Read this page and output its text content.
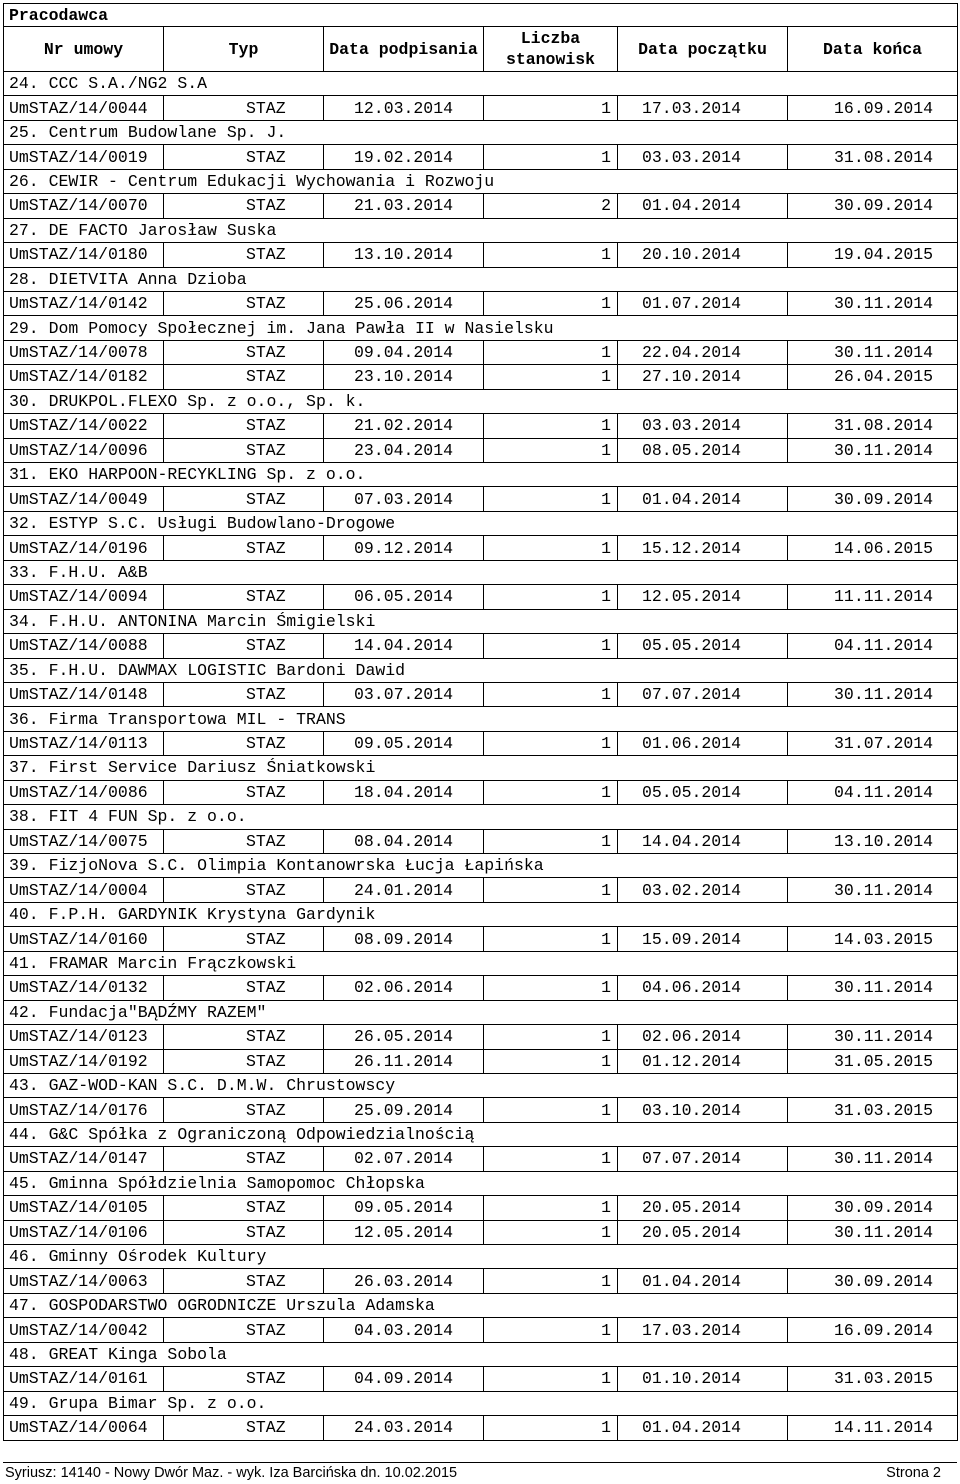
Pracodawca					
Nr umowy	Typ	Data podpisania	Liczba stanowisk	Data początku	Data końca
24. CCC S.A./NG2 S.A					
UmSTAZ/14/0044	STAZ	12.03.2014	1	17.03.2014	16.09.2014
25. Centrum Budowlane Sp. J.					
UmSTAZ/14/0019	STAZ	19.02.2014	1	03.03.2014	31.08.2014
26. CEWIR - Centrum Edukacji Wychowania i Rozwoju					
UmSTAZ/14/0070	STAZ	21.03.2014	2	01.04.2014	30.09.2014
27. DE FACTO Jarosław Suska					
UmSTAZ/14/0180	STAZ	13.10.2014	1	20.10.2014	19.04.2015
28. DIETVITA Anna Dzioba					
UmSTAZ/14/0142	STAZ	25.06.2014	1	01.07.2014	30.11.2014
29. Dom Pomocy Społecznej im. Jana Pawła II w Nasielsku					
UmSTAZ/14/0078	STAZ	09.04.2014	1	22.04.2014	30.11.2014
UmSTAZ/14/0182	STAZ	23.10.2014	1	27.10.2014	26.04.2015
30. DRUKPOL.FLEXO Sp. z o.o., Sp. k.					
UmSTAZ/14/0022	STAZ	21.02.2014	1	03.03.2014	31.08.2014
UmSTAZ/14/0096	STAZ	23.04.2014	1	08.05.2014	30.11.2014
31. EKO HARPOON-RECYKLING Sp. z o.o.					
UmSTAZ/14/0049	STAZ	07.03.2014	1	01.04.2014	30.09.2014
32. ESTYP S.C. Usługi Budowlano-Drogowe					
UmSTAZ/14/0196	STAZ	09.12.2014	1	15.12.2014	14.06.2015
33. F.H.U. A&B					
UmSTAZ/14/0094	STAZ	06.05.2014	1	12.05.2014	11.11.2014
34. F.H.U. ANTONINA Marcin Śmigielski					
UmSTAZ/14/0088	STAZ	14.04.2014	1	05.05.2014	04.11.2014
35. F.H.U. DAWMAX LOGISTIC Bardoni Dawid					
UmSTAZ/14/0148	STAZ	03.07.2014	1	07.07.2014	30.11.2014
36. Firma Transportowa MIL - TRANS					
UmSTAZ/14/0113	STAZ	09.05.2014	1	01.06.2014	31.07.2014
37. First Service Dariusz Śniatkowski					
UmSTAZ/14/0086	STAZ	18.04.2014	1	05.05.2014	04.11.2014
38. FIT 4 FUN Sp. z o.o.					
UmSTAZ/14/0075	STAZ	08.04.2014	1	14.04.2014	13.10.2014
39. FizjoNova S.C. Olimpia Kontanowrska Łucja Łapińska					
UmSTAZ/14/0004	STAZ	24.01.2014	1	03.02.2014	30.11.2014
40. F.P.H. GARDYNIK Krystyna Gardynik					
UmSTAZ/14/0160	STAZ	08.09.2014	1	15.09.2014	14.03.2015
41. FRAMAR Marcin Frączkowski					
UmSTAZ/14/0132	STAZ	02.06.2014	1	04.06.2014	30.11.2014
42. Fundacja"BĄDŹMY RAZEM"					
UmSTAZ/14/0123	STAZ	26.05.2014	1	02.06.2014	30.11.2014
UmSTAZ/14/0192	STAZ	26.11.2014	1	01.12.2014	31.05.2015
43. GAZ-WOD-KAN S.C. D.M.W. Chrustowscy					
UmSTAZ/14/0176	STAZ	25.09.2014	1	03.10.2014	31.03.2015
44. G&C Spółka z Ograniczoną Odpowiedzialnością					
UmSTAZ/14/0147	STAZ	02.07.2014	1	07.07.2014	30.11.2014
45. Gminna Spółdzielnia Samopomoc Chłopska					
UmSTAZ/14/0105	STAZ	09.05.2014	1	20.05.2014	30.09.2014
UmSTAZ/14/0106	STAZ	12.05.2014	1	20.05.2014	30.11.2014
46. Gminny Ośrodek Kultury					
UmSTAZ/14/0063	STAZ	26.03.2014	1	01.04.2014	30.09.2014
47. GOSPODARSTWO OGRODNICZE Urszula Adamska					
UmSTAZ/14/0042	STAZ	04.03.2014	1	17.03.2014	16.09.2014
48. GREAT Kinga Sobola					
UmSTAZ/14/0161	STAZ	04.09.2014	1	01.10.2014	31.03.2015
49. Grupa Bimar Sp. z o.o.					
UmSTAZ/14/0064	STAZ	24.03.2014	1	01.04.2014	14.11.2014
Syriusz: 14140 - Nowy Dwór Maz. - wyk. Iza Barcińska dn. 10.02.2015	Strona 2
